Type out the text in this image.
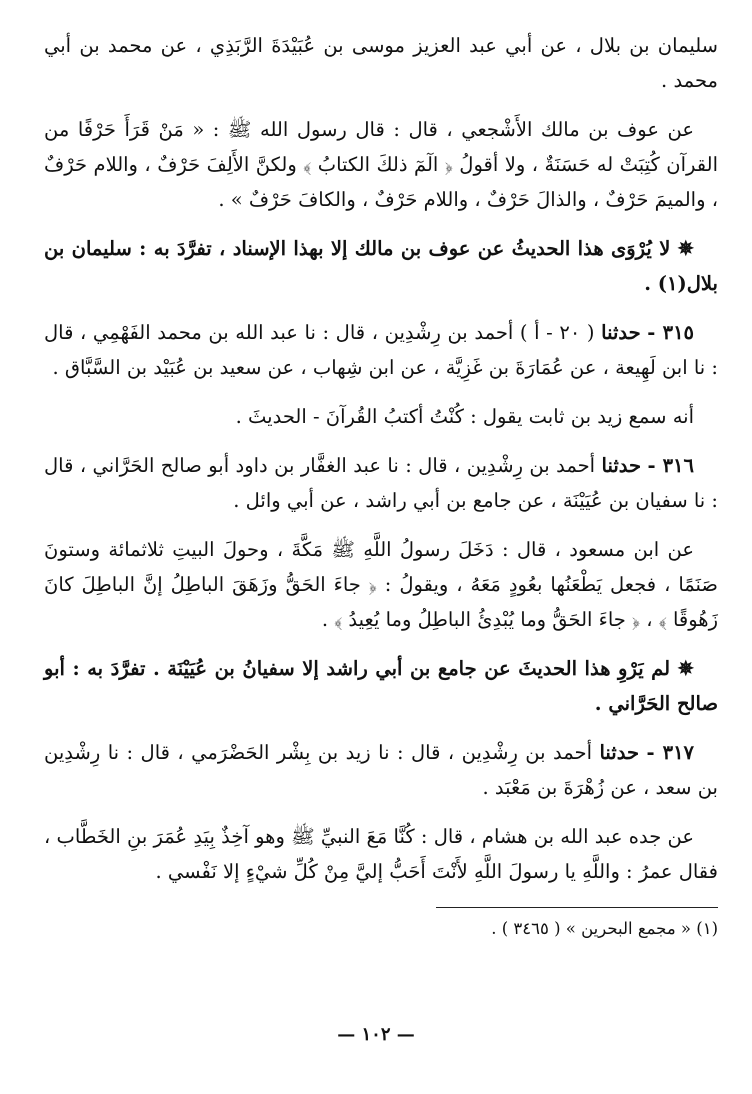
سليمان بن بلال ، عن أبي عبد العزيز موسى بن عُبَيْدَةَ الرَّبَذِي ، عن محمد بن أبي محمد .

عن عوف بن مالك الأَشْجعي ، قال : قال رسول الله ﷺ : « مَنْ قَرَأَ حَرْفًا من القرآن كُتِبَتْ له حَسَنَةٌ ، ولا أقولُ ﴿ الٓمٓ ذلكَ الكتابُ ﴾ ولكنَّ الأَلِفَ حَرْفٌ ، واللام حَرْفٌ ، والميمَ حَرْفٌ ، والذالَ حَرْفٌ ، واللام حَرْفٌ ، والكافَ حَرْفٌ » .

✵ لا يُرْوَى هذا الحديثُ عن عوف بن مالك إلا بهذا الإسناد ، تفرَّدَ به : سليمان بن بلال(١) .

٣١٥ - حدثنا ( ٢٠ - أ ) أحمد بن رِشْدِين ، قال : نا عبد الله بن محمد الفَهْمِي ، قال : نا ابن لَهِيعة ، عن عُمَارَةَ بن غَزِيَّة ، عن ابن شِهاب ، عن سعيد بن عُبَيْد بن السَّبَّاق .

أنه سمع زيد بن ثابت يقول : كُنْتُ أكتبُ القُرآنَ - الحديثَ .

٣١٦ - حدثنا أحمد بن رِشْدِين ، قال : نا عبد الغفَّار بن داود أبو صالح الحَرَّاني ، قال : نا سفيان بن عُيَيْنَة ، عن جامع بن أبي راشد ، عن أبي وائل .

عن ابن مسعود ، قال : دَخَلَ رسولُ اللَّهِ ﷺ مَكَّةَ ، وحولَ البيتِ ثلاثمائة وستونَ صَنَمًا ، فجعل يَطْعَنُها بعُودٍ مَعَهُ ، ويقولُ : ﴿ جاءَ الحَقُّ وزَهَقَ الباطِلُ إنَّ الباطِلَ كانَ زَهُوقًا ﴾ ، ﴿ جاءَ الحَقُّ وما يُبْدِئُ الباطِلُ وما يُعِيدُ ﴾ .

✵ لم يَرْوِ هذا الحديثَ عن جامع بن أبي راشد إلا سفيانُ بن عُيَيْنَة . تفرَّدَ به : أبو صالح الحَرَّاني .

٣١٧ - حدثنا أحمد بن رِشْدِين ، قال : نا زيد بن بِشْر الحَضْرَمي ، قال : نا رِشْدِين بن سعد ، عن زُهْرَةَ بن مَعْبَد .

عن جده عبد الله بن هشام ، قال : كُنَّا مَعَ النبيِّ ﷺ وهو آخِذٌ بِيَدِ عُمَرَ بنِ الخَطَّاب ، فقال عمرُ : واللَّهِ يا رسولَ اللَّهِ لأَنْتَ أَحَبُّ إليَّ مِنْ كُلِّ شيْءٍ إلا نَفْسي .

(١) « مجمع البحرين » ( ٣٤٦٥ ) .
— ١٠٢ —
